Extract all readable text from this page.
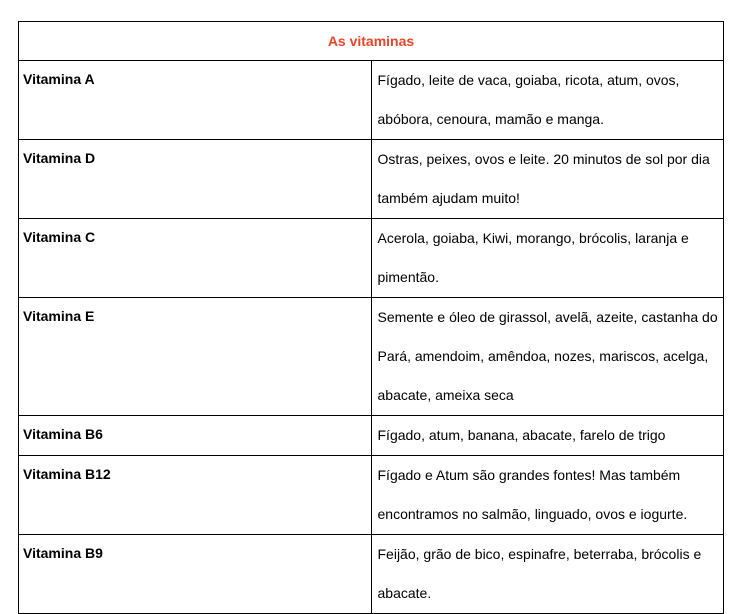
As vitaminas	
Vitamina A	Fígado, leite de vaca, goiaba, ricota, atum, ovos, abóbora, cenoura, mamão e manga.
Vitamina D	Ostras, peixes, ovos e leite. 20 minutos de sol por dia também ajudam muito!
Vitamina C	Acerola, goiaba, Kiwi, morango, brócolis, laranja e pimentão.
Vitamina E	Semente e óleo de girassol, avelã, azeite, castanha do Pará, amendoim, amêndoa, nozes, mariscos, acelga, abacate, ameixa seca
Vitamina B6	Fígado, atum, banana, abacate, farelo de trigo
Vitamina B12	Fígado e Atum são grandes fontes! Mas também encontramos no salmão, linguado, ovos e iogurte.
Vitamina B9	Feijão, grão de bico, espinafre, beterraba, brócolis e abacate.
